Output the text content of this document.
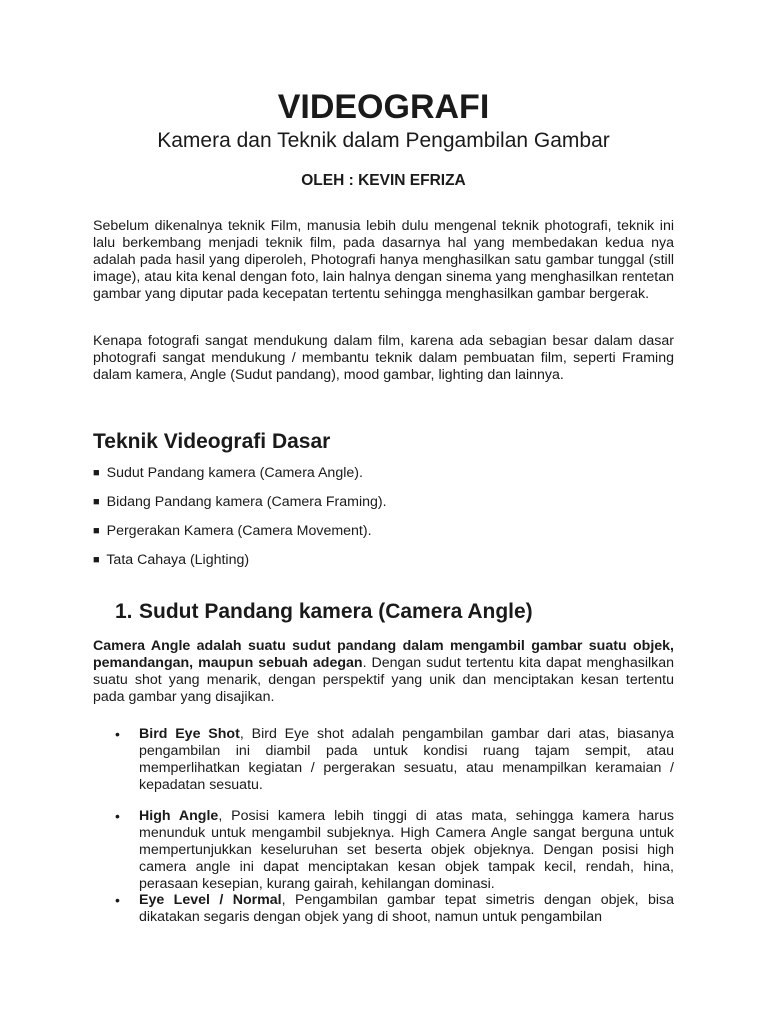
VIDEOGRAFI
Kamera dan Teknik dalam Pengambilan Gambar
OLEH : KEVIN EFRIZA

Sebelum dikenalnya teknik Film, manusia lebih dulu mengenal teknik photografi, teknik ini lalu berkembang menjadi teknik film, pada dasarnya hal yang membedakan kedua nya adalah pada hasil yang diperoleh, Photografi hanya menghasilkan satu gambar tunggal (still image), atau kita kenal dengan foto, lain halnya dengan sinema yang menghasilkan rentetan gambar yang diputar pada kecepatan tertentu sehingga menghasilkan gambar bergerak.

Kenapa fotografi sangat mendukung dalam film, karena ada sebagian besar dalam dasar photografi sangat mendukung / membantu teknik dalam pembuatan film, seperti Framing dalam kamera, Angle (Sudut pandang), mood gambar, lighting dan lainnya.

Teknik Videografi Dasar
■ Sudut Pandang kamera (Camera Angle).
■ Bidang Pandang kamera (Camera Framing).
■ Pergerakan Kamera (Camera Movement).
■ Tata Cahaya (Lighting)
1. Sudut Pandang kamera (Camera Angle)

Camera Angle adalah suatu sudut pandang dalam mengambil gambar suatu objek, pemandangan, maupun sebuah adegan. Dengan sudut tertentu kita dapat menghasilkan suatu shot yang menarik, dengan perspektif yang unik dan menciptakan kesan tertentu pada gambar yang disajikan.

• Bird Eye Shot, Bird Eye shot adalah pengambilan gambar dari atas, biasanya pengambilan ini diambil pada untuk kondisi ruang tajam sempit, atau memperlihatkan kegiatan / pergerakan sesuatu, atau menampilkan keramaian / kepadatan sesuatu.

• High Angle, Posisi kamera lebih tinggi di atas mata, sehingga kamera harus menunduk untuk mengambil subjeknya. High Camera Angle sangat berguna untuk mempertunjukkan keseluruhan set beserta objek objeknya. Dengan posisi high camera angle ini dapat menciptakan kesan objek tampak kecil, rendah, hina, perasaan kesepian, kurang gairah, kehilangan dominasi.

• Eye Level / Normal, Pengambilan gambar tepat simetris dengan objek, bisa dikatakan segaris dengan objek yang di shoot, namun untuk pengambilan
